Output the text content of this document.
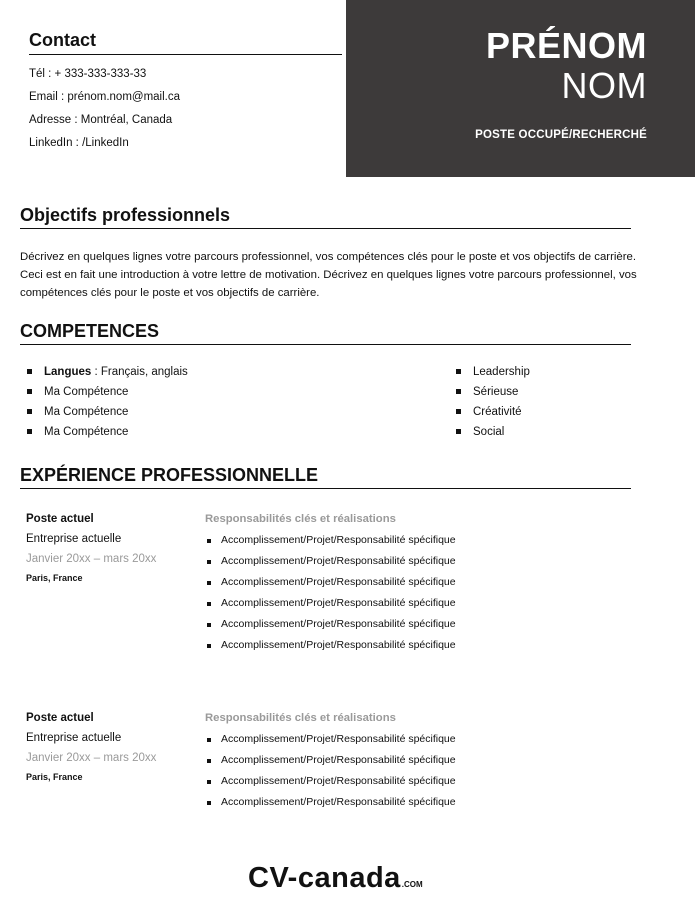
Contact
Tél : + 333-333-333-33
Email : prénom.nom@mail.ca
Adresse : Montréal, Canada
LinkedIn : /LinkedIn
PRÉNOM
NOM
POSTE OCCUPÉ/RECHERCHÉ
Objectifs professionnels
Décrivez en quelques lignes votre parcours professionnel, vos compétences clés pour le poste et vos objectifs de carrière. Ceci est en fait une introduction à votre lettre de motivation. Décrivez en quelques lignes votre parcours professionnel, vos compétences clés pour le poste et vos objectifs de carrière.
COMPETENCES
Langues : Français, anglais
Ma Compétence
Ma Compétence
Ma Compétence
Leadership
Sérieuse
Créativité
Social
EXPÉRIENCE PROFESSIONNELLE
Poste actuel
Entreprise actuelle
Janvier 20xx – mars 20xx
Paris, France
Responsabilités clés et réalisations
Accomplissement/Projet/Responsabilité spécifique
Accomplissement/Projet/Responsabilité spécifique
Accomplissement/Projet/Responsabilité spécifique
Accomplissement/Projet/Responsabilité spécifique
Accomplissement/Projet/Responsabilité spécifique
Accomplissement/Projet/Responsabilité spécifique
Poste actuel
Entreprise actuelle
Janvier 20xx – mars 20xx
Paris, France
Responsabilités clés et réalisations
Accomplissement/Projet/Responsabilité spécifique
Accomplissement/Projet/Responsabilité spécifique
Accomplissement/Projet/Responsabilité spécifique
Accomplissement/Projet/Responsabilité spécifique
CV-canada .COM
